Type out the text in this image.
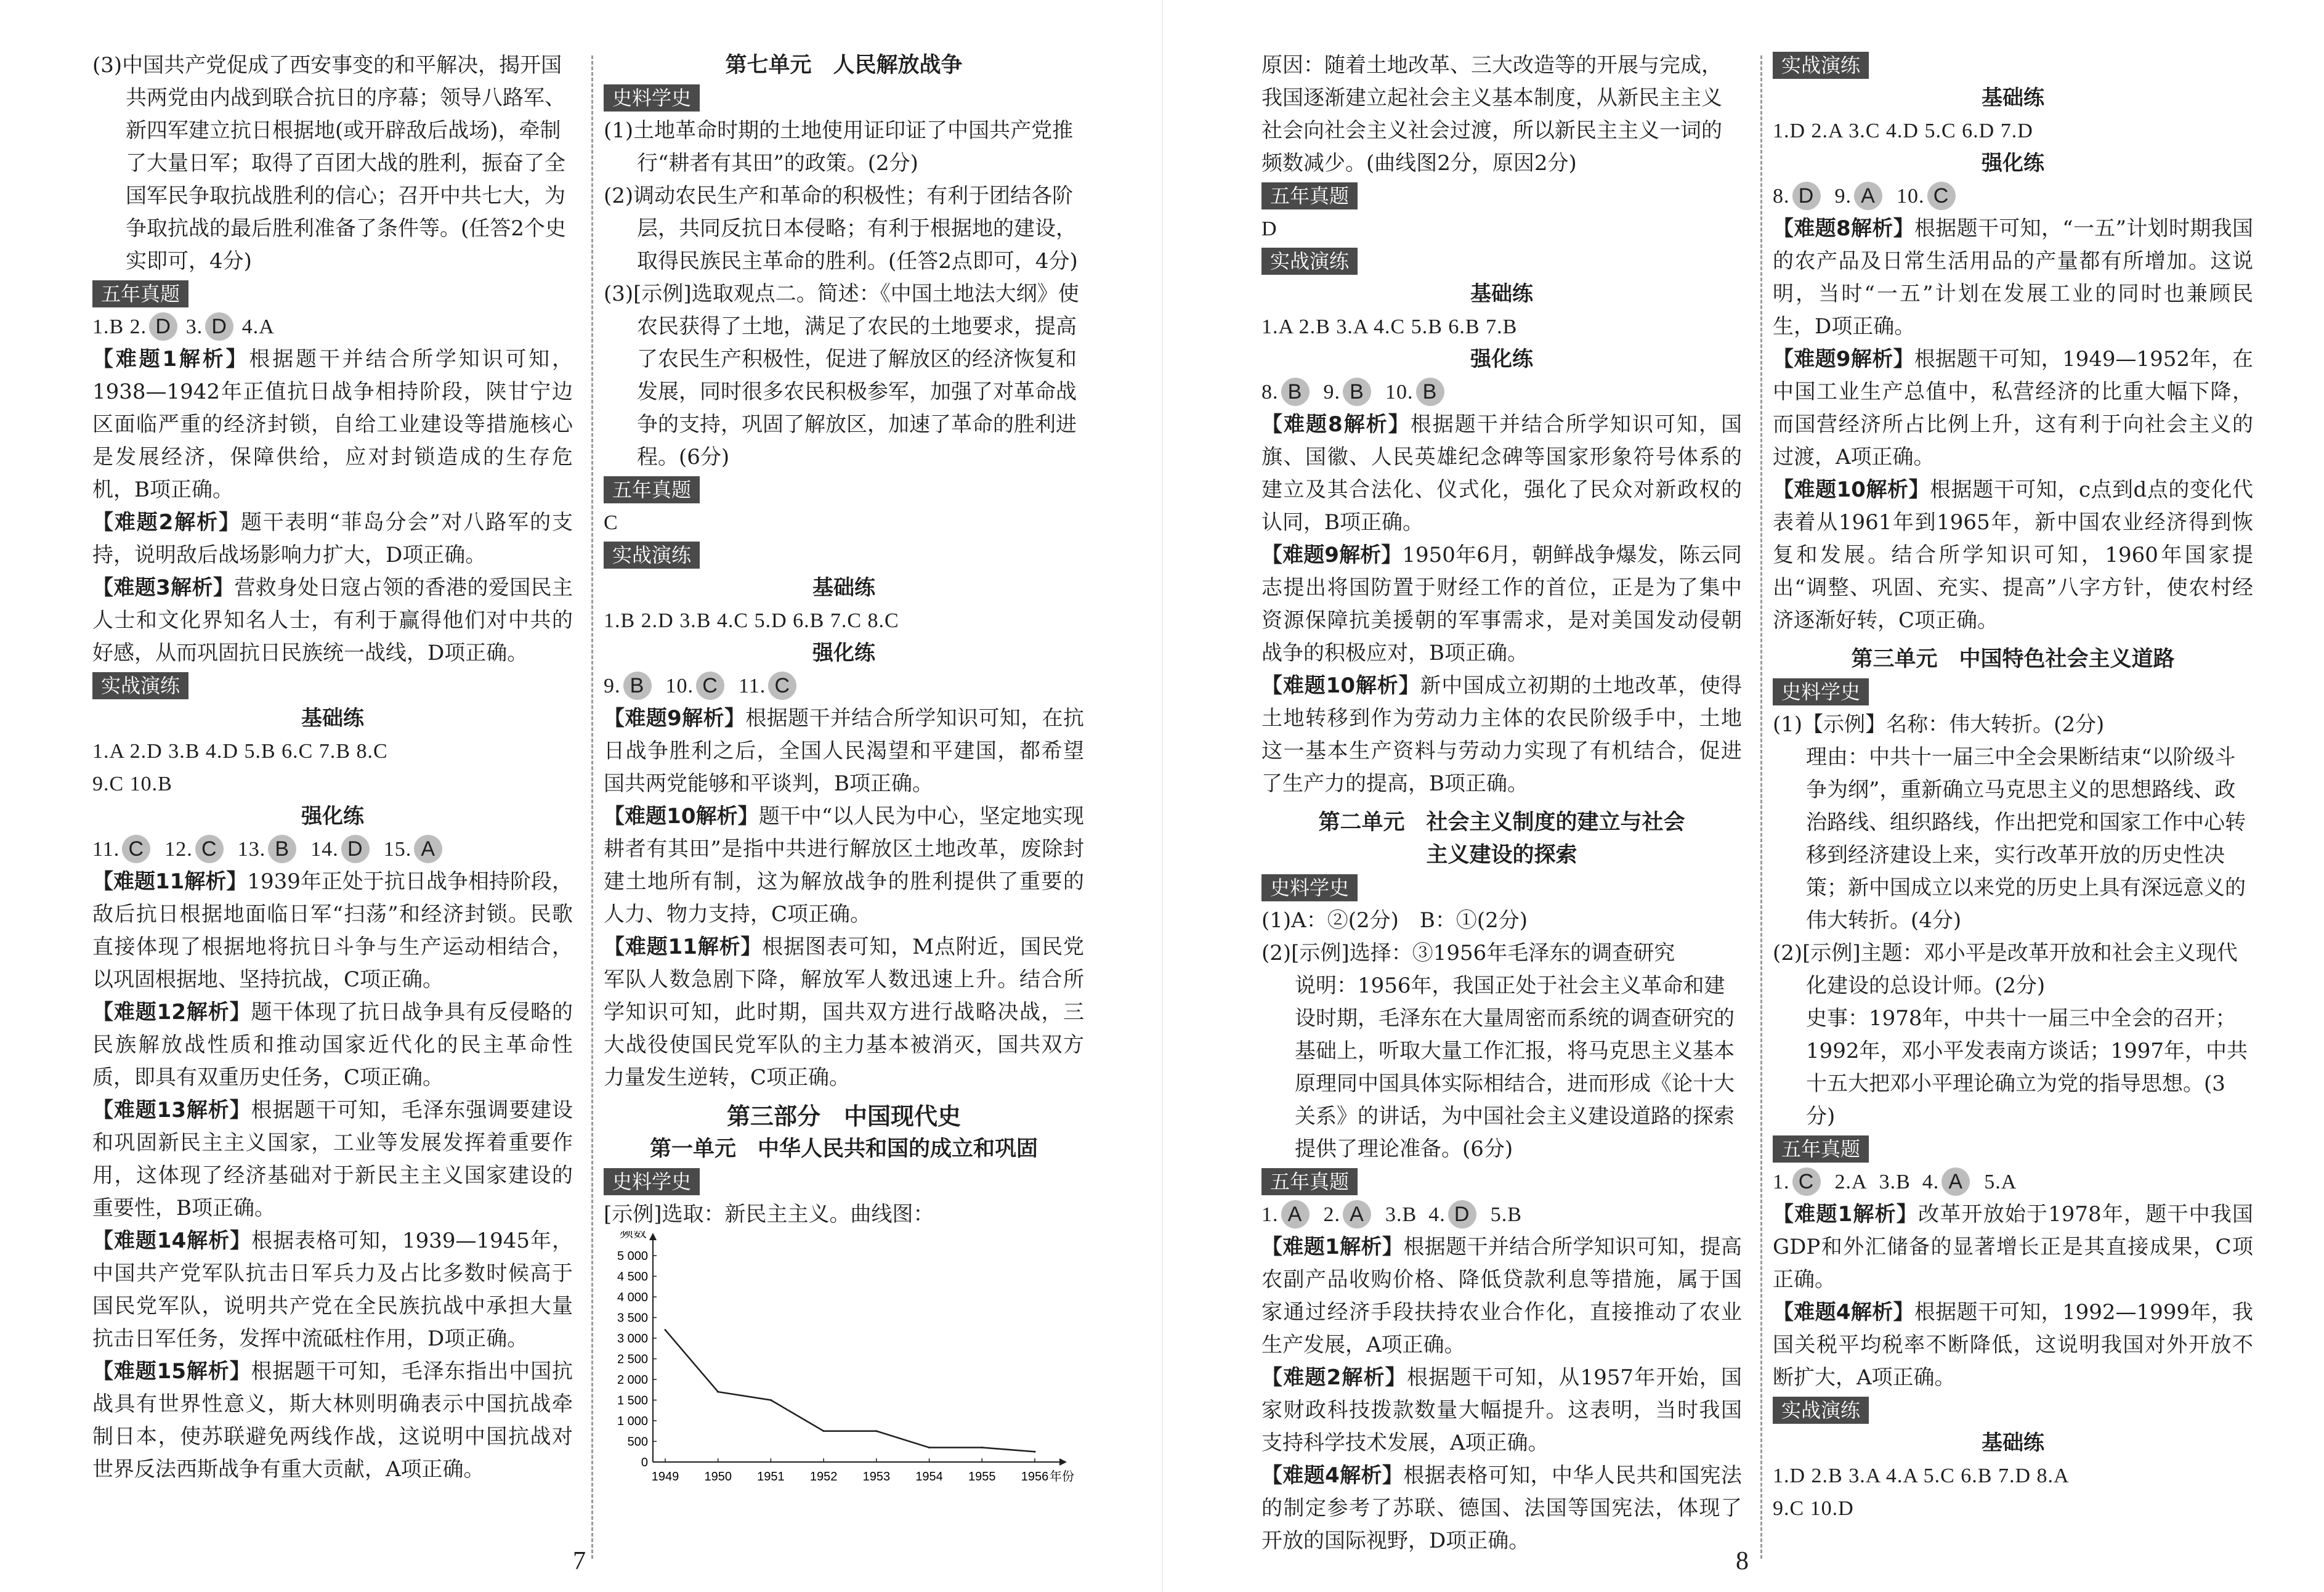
(3)中国共产党促成了西安事变的和平解决，揭开国共两党由内战到联合抗日的序幕；领导八路军、新四军建立抗日根据地(或开辟敌后战场)，牵制了大量日军；取得了百团大战的胜利，振奋了全国军民争取抗战胜利的信心；召开中共七大，为争取抗战的最后胜利准备了条件等。(任答2个史实即可，4分)

五年真题

1.B 2. D 3. D 4.A

【难题1解析】根据题干并结合所学知识可知，1938—1942年正值抗日战争相持阶段，陕甘宁边区面临严重的经济封锁，自给工业建设等措施核心是发展经济，保障供给，应对封锁造成的生存危机，B项正确。

【难题2解析】题干表明“菲岛分会”对八路军的支持，说明敌后战场影响力扩大，D项正确。

【难题3解析】营救身处日寇占领的香港的爱国民主人士和文化界知名人士，有利于赢得他们对中共的好感，从而巩固抗日民族统一战线，D项正确。

实战演练

基础练

1.A 2.D 3.B 4.D 5.B 6.C 7.B 8.C

9.C 10.B

强化练

11. C 12. C 13. B 14. D 15. A

【难题11解析】1939年正处于抗日战争相持阶段，敌后抗日根据地面临日军“扫荡”和经济封锁。民歌直接体现了根据地将抗日斗争与生产运动相结合，以巩固根据地、坚持抗战，C项正确。

【难题12解析】题干体现了抗日战争具有反侵略的民族解放战性质和推动国家近代化的民主革命性质，即具有双重历史任务，C项正确。

【难题13解析】根据题干可知，毛泽东强调要建设和巩固新民主主义国家，工业等发展发挥着重要作用，这体现了经济基础对于新民主主义国家建设的重要性，B项正确。

【难题14解析】根据表格可知，1939—1945年，中国共产党军队抗击日军兵力及占比多数时候高于国民党军队，说明共产党在全民族抗战中承担大量抗击日军任务，发挥中流砥柱作用，D项正确。

【难题15解析】根据题干可知，毛泽东指出中国抗战具有世界性意义，斯大林则明确表示中国抗战牵制日本，使苏联避免两线作战，这说明中国抗战对世界反法西斯战争有重大贡献，A项正确。

第七单元　人民解放战争

史料学史

(1)土地革命时期的土地使用证印证了中国共产党推行“耕者有其田”的政策。(2分)

(2)调动农民生产和革命的积极性；有利于团结各阶层，共同反抗日本侵略；有利于根据地的建设，取得民族民主革命的胜利。(任答2点即可，4分)

(3)[示例]选取观点二。简述：《中国土地法大纲》使农民获得了土地，满足了农民的土地要求，提高了农民生产积极性，促进了解放区的经济恢复和发展，同时很多农民积极参军，加强了对革命战争的支持，巩固了解放区，加速了革命的胜利进程。(6分)

五年真题

C

实战演练

基础练

1.B 2.D 3.B 4.C 5.D 6.B 7.C 8.C

强化练

9. B 10. C 11. C

【难题9解析】根据题干并结合所学知识可知，在抗日战争胜利之后，全国人民渴望和平建国，都希望国共两党能够和平谈判，B项正确。

【难题10解析】题干中“以人民为中心，坚定地实现耕者有其田”是指中共进行解放区土地改革，废除封建土地所有制，这为解放战争的胜利提供了重要的人力、物力支持，C项正确。

【难题11解析】根据图表可知，M点附近，国民党军队人数急剧下降，解放军人数迅速上升。结合所学知识可知，此时期，国共双方进行战略决战，三大战役使国民党军队的主力基本被消灭，国共双方力量发生逆转，C项正确。

第三部分　中国现代史

第一单元　中华人民共和国的成立和巩固

史料学史

[示例]选取：新民主主义。曲线图：

频数
0
500
1 000
1 500
2 000
2 500
3 000
3 500
4 000
4 500
5 000
1949 1950 1951 1952 1953 1954 1955 1956 年份
7

原因：随着土地改革、三大改造等的开展与完成，我国逐渐建立起社会主义基本制度，从新民主主义社会向社会主义社会过渡，所以新民主主义一词的频数减少。(曲线图2分，原因2分)

五年真题

D

实战演练

基础练

1.A 2.B 3.A 4.C 5.B 6.B 7.B

强化练

8. B 9. B 10. B

【难题8解析】根据题干并结合所学知识可知，国旗、国徽、人民英雄纪念碑等国家形象符号体系的建立及其合法化、仪式化，强化了民众对新政权的认同，B项正确。

【难题9解析】1950年6月，朝鲜战争爆发，陈云同志提出将国防置于财经工作的首位，正是为了集中资源保障抗美援朝的军事需求，是对美国发动侵朝战争的积极应对，B项正确。

【难题10解析】新中国成立初期的土地改革，使得土地转移到作为劳动力主体的农民阶级手中，土地这一基本生产资料与劳动力实现了有机结合，促进了生产力的提高，B项正确。

第二单元　社会主义制度的建立与社会

主义建设的探索

史料学史

(1)A：②(2分)　B：①(2分)

(2)[示例]选择：③1956年毛泽东的调查研究

说明：1956年，我国正处于社会主义革命和建设时期，毛泽东在大量周密而系统的调查研究的基础上，听取大量工作汇报，将马克思主义基本原理同中国具体实际相结合，进而形成《论十大关系》的讲话，为中国社会主义建设道路的探索提供了理论准备。(6分)

五年真题

1. A 2. A 3.B 4. D 5.B

【难题1解析】根据题干并结合所学知识可知，提高农副产品收购价格、降低贷款利息等措施，属于国家通过经济手段扶持农业合作化，直接推动了农业生产发展，A项正确。

【难题2解析】根据题干可知，从1957年开始，国家财政科技拨款数量大幅提升。这表明，当时我国支持科学技术发展，A项正确。

【难题4解析】根据表格可知，中华人民共和国宪法的制定参考了苏联、德国、法国等国宪法，体现了开放的国际视野，D项正确。

实战演练

基础练

1.D 2.A 3.C 4.D 5.C 6.D 7.D

强化练

8. D 9. A 10. C

【难题8解析】根据题干可知，“一五”计划时期我国的农产品及日常生活用品的产量都有所增加。这说明，当时“一五”计划在发展工业的同时也兼顾民生，D项正确。

【难题9解析】根据题干可知，1949—1952年，在中国工业生产总值中，私营经济的比重大幅下降，而国营经济所占比例上升，这有利于向社会主义的过渡，A项正确。

【难题10解析】根据题干可知，c点到d点的变化代表着从1961年到1965年，新中国农业经济得到恢复和发展。结合所学知识可知，1960年国家提出“调整、巩固、充实、提高”八字方针，使农村经济逐渐好转，C项正确。

第三单元　中国特色社会主义道路

史料学史

(1)【示例】名称：伟大转折。(2分)

理由：中共十一届三中全会果断结束“以阶级斗争为纲”，重新确立马克思主义的思想路线、政治路线、组织路线，作出把党和国家工作中心转移到经济建设上来，实行改革开放的历史性决策；新中国成立以来党的历史上具有深远意义的伟大转折。(4分)

(2)[示例]主题：邓小平是改革开放和社会主义现代化建设的总设计师。(2分)

史事：1978年，中共十一届三中全会的召开；1992年，邓小平发表南方谈话；1997年，中共十五大把邓小平理论确立为党的指导思想。(3分)

五年真题

1. C 2.A 3.B 4. A 5.A

【难题1解析】改革开放始于1978年，题干中我国GDP和外汇储备的显著增长正是其直接成果，C项正确。

【难题4解析】根据题干可知，1992—1999年，我国关税平均税率不断降低，这说明我国对外开放不断扩大，A项正确。

实战演练

基础练

1.D 2.B 3.A 4.A 5.C 6.B 7.D 8.A

9.C 10.D

8
